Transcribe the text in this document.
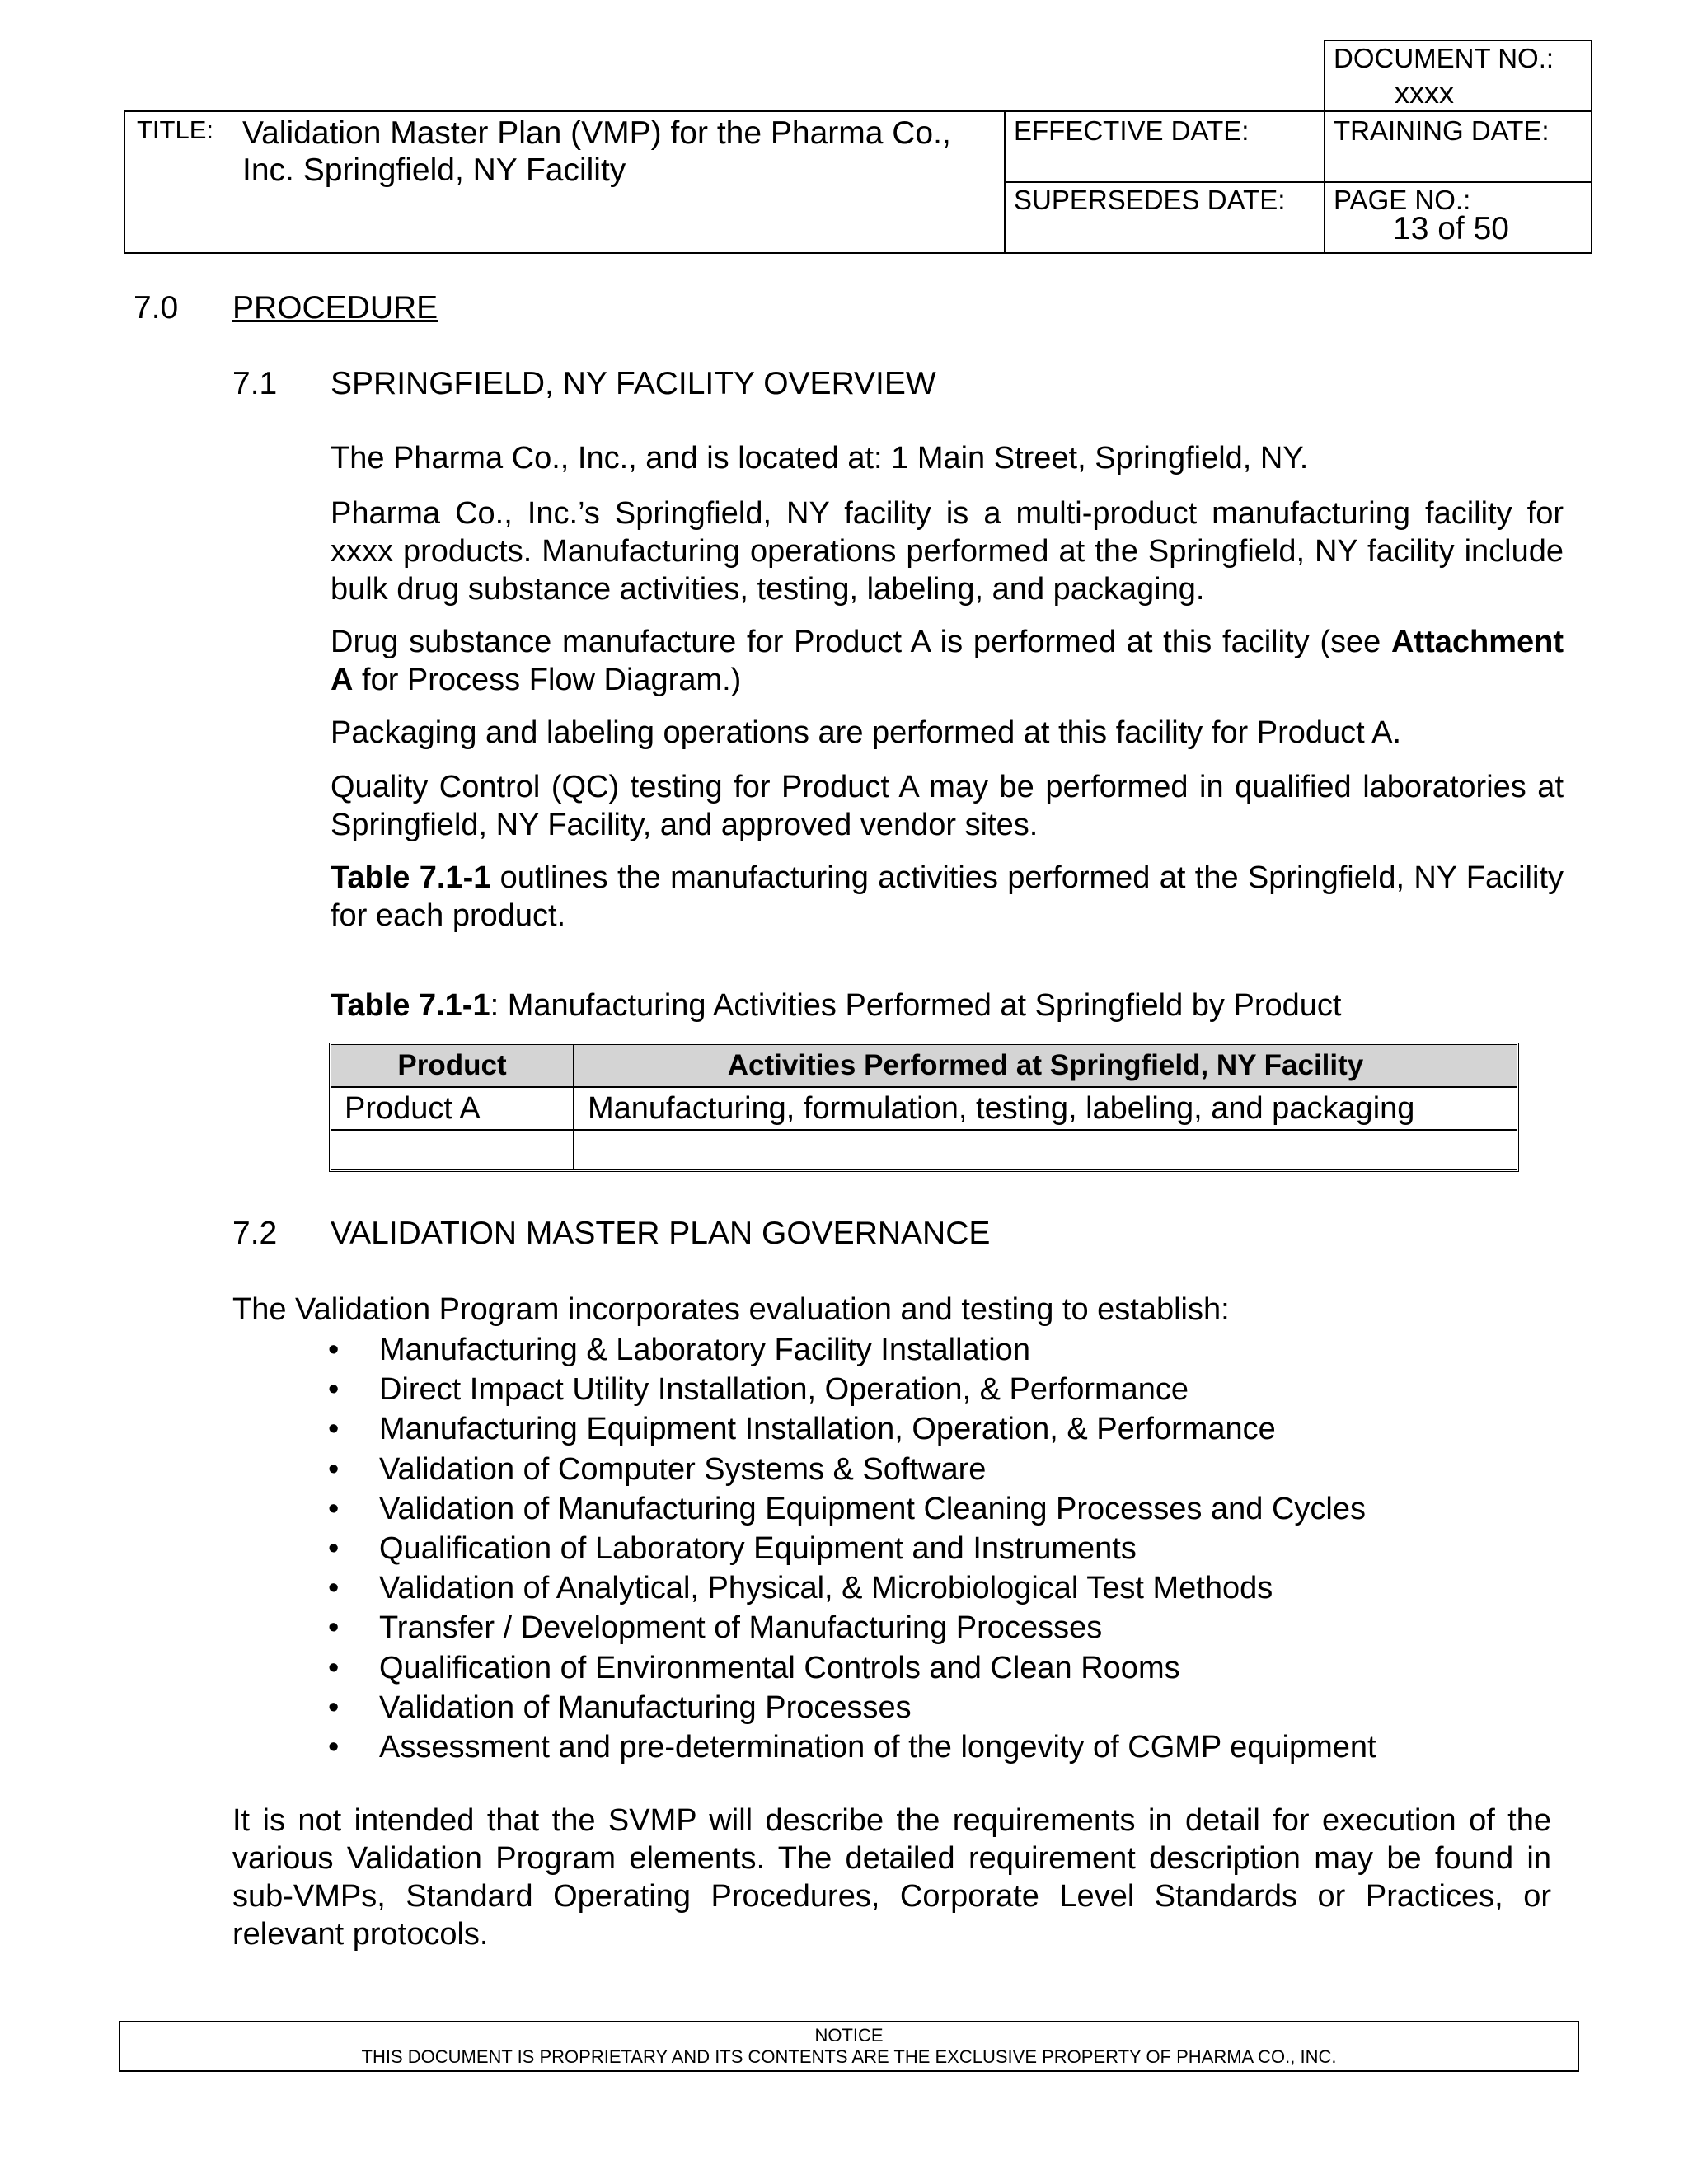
DOCUMENT NO.:
xxxx
TITLE: Validation Master Plan (VMP) for the Pharma Co.,
Inc. Springfield, NY Facility
EFFECTIVE DATE:	TRAINING DATE:
SUPERSEDES DATE: PAGE NO.:
13 of 50
7.0 PROCEDURE
7.1 SPRINGFIELD, NY FACILITY OVERVIEW
The Pharma Co., Inc., and is located at: 1 Main Street, Springfield, NY.
Pharma Co., Inc.’s Springfield, NY facility is a multi-product manufacturing facility for xxxx products. Manufacturing operations performed at the Springfield, NY facility include bulk drug substance activities, testing, labeling, and packaging.
Drug substance manufacture for Product A is performed at this facility (see Attachment A for Process Flow Diagram.)
Packaging and labeling operations are performed at this facility for Product A.
Quality Control (QC) testing for Product A may be performed in qualified laboratories at Springfield, NY Facility, and approved vendor sites.
Table 7.1-1 outlines the manufacturing activities performed at the Springfield, NY Facility for each product.
Table 7.1-1: Manufacturing Activities Performed at Springfield by Product
Product	Activities Performed at Springfield, NY Facility
Product A	Manufacturing, formulation, testing, labeling, and packaging
7.2 VALIDATION MASTER PLAN GOVERNANCE
The Validation Program incorporates evaluation and testing to establish:
• Manufacturing & Laboratory Facility Installation
• Direct Impact Utility Installation, Operation, & Performance
• Manufacturing Equipment Installation, Operation, & Performance
• Validation of Computer Systems & Software
• Validation of Manufacturing Equipment Cleaning Processes and Cycles
• Qualification of Laboratory Equipment and Instruments
• Validation of Analytical, Physical, & Microbiological Test Methods
• Transfer / Development of Manufacturing Processes
• Qualification of Environmental Controls and Clean Rooms
• Validation of Manufacturing Processes
• Assessment and pre-determination of the longevity of CGMP equipment
It is not intended that the SVMP will describe the requirements in detail for execution of the various Validation Program elements. The detailed requirement description may be found in sub-VMPs, Standard Operating Procedures, Corporate Level Standards or Practices, or relevant protocols.
NOTICE
THIS DOCUMENT IS PROPRIETARY AND ITS CONTENTS ARE THE EXCLUSIVE PROPERTY OF PHARMA CO., INC.
